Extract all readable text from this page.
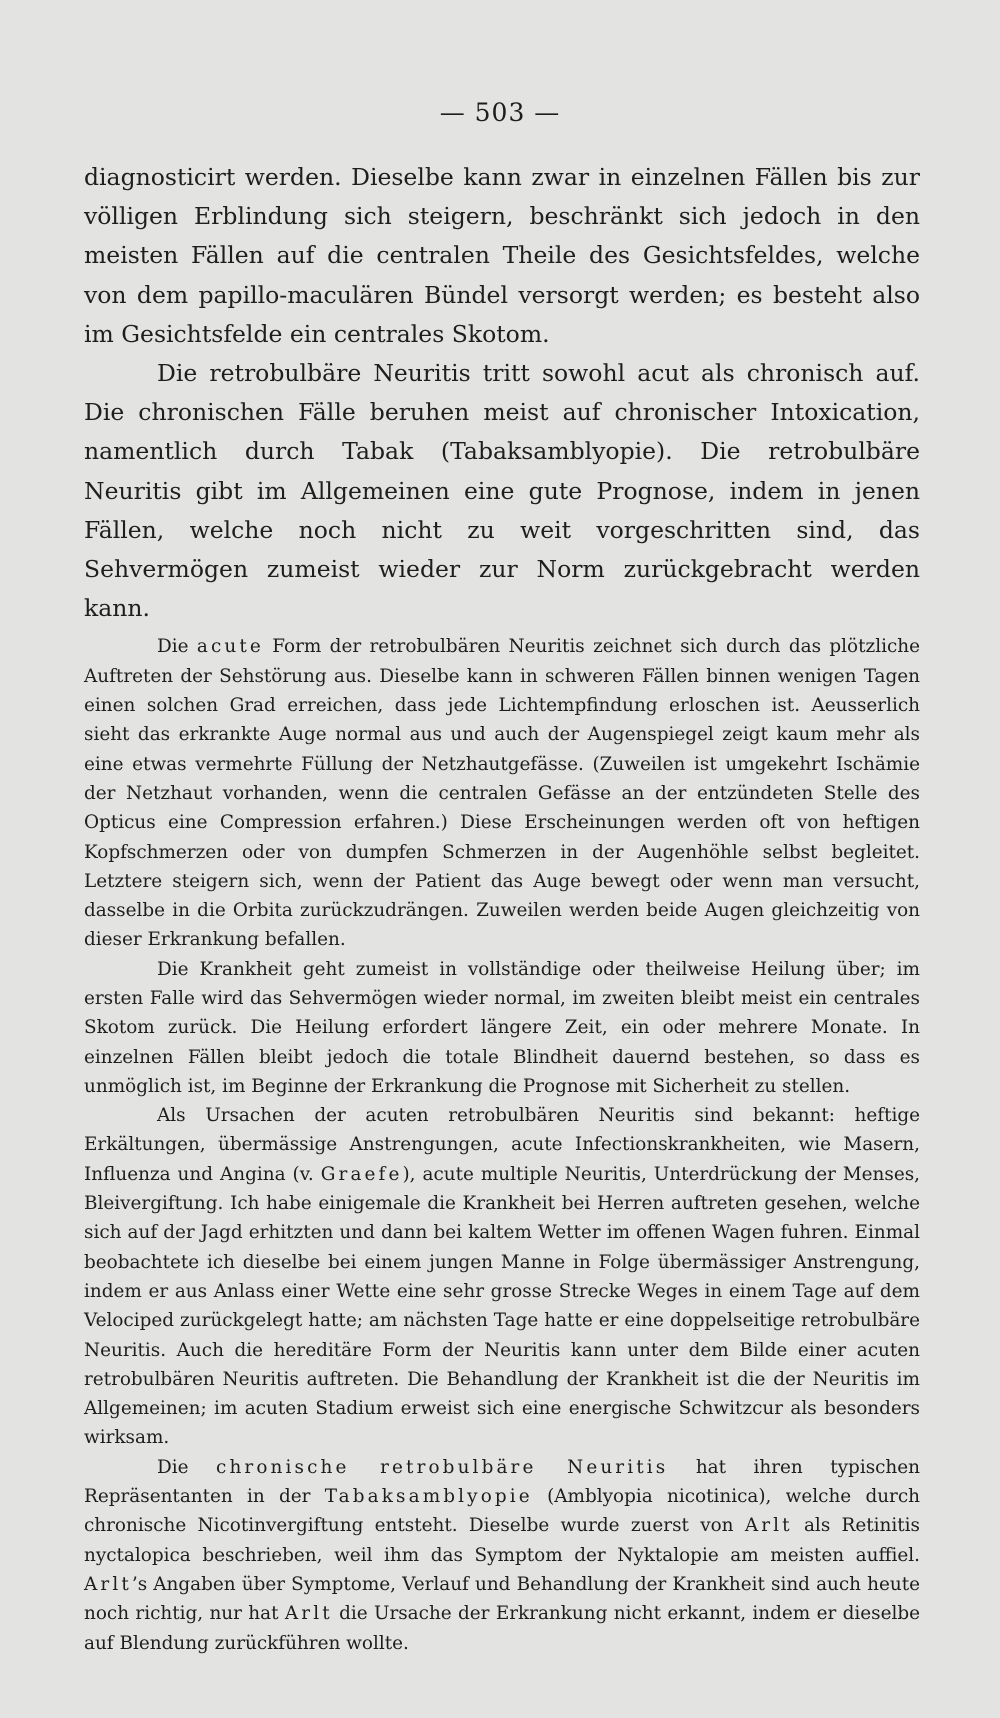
— 503 —

diagnosticirt werden. Dieselbe kann zwar in einzelnen Fällen bis zur völligen Erblindung sich steigern, beschränkt sich jedoch in den meisten Fällen auf die centralen Theile des Gesichtsfeldes, welche von dem papillo-maculären Bündel versorgt werden; es besteht also im Gesichtsfelde ein centrales Skotom.

Die retrobulbäre Neuritis tritt sowohl acut als chronisch auf. Die chronischen Fälle beruhen meist auf chronischer Intoxication, namentlich durch Tabak (Tabaksamblyopie). Die retrobulbäre Neuritis gibt im Allgemeinen eine gute Prognose, indem in jenen Fällen, welche noch nicht zu weit vorgeschritten sind, das Sehvermögen zumeist wieder zur Norm zurückgebracht werden kann.

Die acute Form der retrobulbären Neuritis zeichnet sich durch das plötzliche Auftreten der Sehstörung aus. Dieselbe kann in schweren Fällen binnen wenigen Tagen einen solchen Grad erreichen, dass jede Lichtempfindung erloschen ist. Aeusserlich sieht das erkrankte Auge normal aus und auch der Augenspiegel zeigt kaum mehr als eine etwas vermehrte Füllung der Netzhautgefässe. (Zuweilen ist umgekehrt Ischämie der Netzhaut vorhanden, wenn die centralen Gefässe an der entzündeten Stelle des Opticus eine Compression erfahren.) Diese Erscheinungen werden oft von heftigen Kopfschmerzen oder von dumpfen Schmerzen in der Augenhöhle selbst begleitet. Letztere steigern sich, wenn der Patient das Auge bewegt oder wenn man versucht, dasselbe in die Orbita zurückzudrängen. Zuweilen werden beide Augen gleichzeitig von dieser Erkrankung befallen.

Die Krankheit geht zumeist in vollständige oder theilweise Heilung über; im ersten Falle wird das Sehvermögen wieder normal, im zweiten bleibt meist ein centrales Skotom zurück. Die Heilung erfordert längere Zeit, ein oder mehrere Monate. In einzelnen Fällen bleibt jedoch die totale Blindheit dauernd bestehen, so dass es unmöglich ist, im Beginne der Erkrankung die Prognose mit Sicherheit zu stellen.

Als Ursachen der acuten retrobulbären Neuritis sind bekannt: heftige Erkältungen, übermässige Anstrengungen, acute Infectionskrankheiten, wie Masern, Influenza und Angina (v. Graefe), acute multiple Neuritis, Unterdrückung der Menses, Bleivergiftung. Ich habe einigemale die Krankheit bei Herren auftreten gesehen, welche sich auf der Jagd erhitzten und dann bei kaltem Wetter im offenen Wagen fuhren. Einmal beobachtete ich dieselbe bei einem jungen Manne in Folge übermässiger Anstrengung, indem er aus Anlass einer Wette eine sehr grosse Strecke Weges in einem Tage auf dem Velociped zurückgelegt hatte; am nächsten Tage hatte er eine doppelseitige retrobulbäre Neuritis. Auch die hereditäre Form der Neuritis kann unter dem Bilde einer acuten retrobulbären Neuritis auftreten. Die Behandlung der Krankheit ist die der Neuritis im Allgemeinen; im acuten Stadium erweist sich eine energische Schwitzcur als besonders wirksam.

Die chronische retrobulbäre Neuritis hat ihren typischen Repräsentanten in der Tabaksamblyopie (Amblyopia nicotinica), welche durch chronische Nicotinvergiftung entsteht. Dieselbe wurde zuerst von Arlt als Retinitis nyctalopica beschrieben, weil ihm das Symptom der Nyktalopie am meisten auffiel. Arlt’s Angaben über Symptome, Verlauf und Behandlung der Krankheit sind auch heute noch richtig, nur hat Arlt die Ursache der Erkrankung nicht erkannt, indem er dieselbe auf Blendung zurückführen wollte.
